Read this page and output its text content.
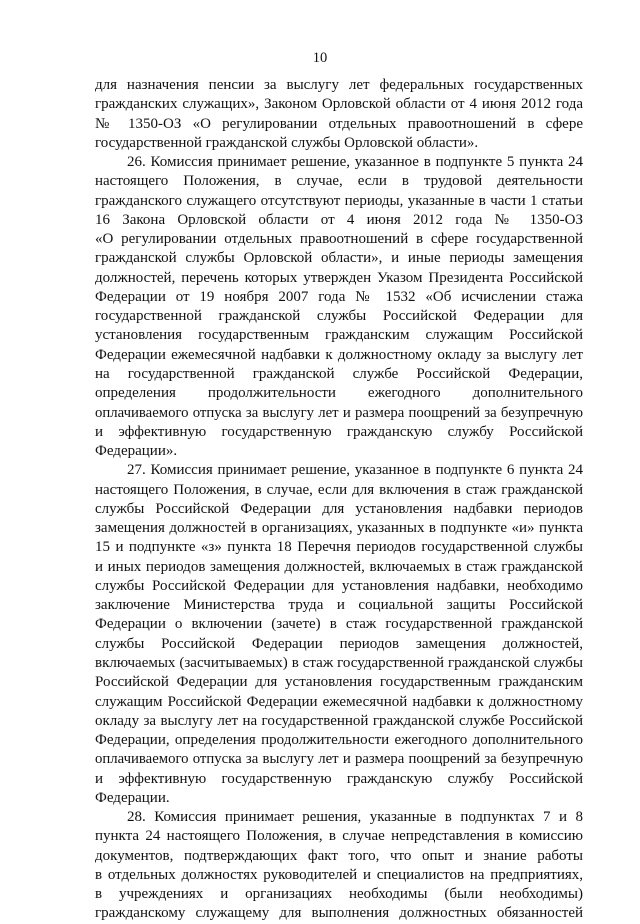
10
для назначения пенсии за выслугу лет федеральных государственных
гражданских служащих», Законом Орловской области от 4 июня 2012 года
№ 1350-ОЗ «О регулировании отдельных правоотношений в сфере
государственной гражданской службы Орловской области».
26. Комиссия принимает решение, указанное в подпункте 5 пункта 24
настоящего Положения, в случае, если в трудовой деятельности
гражданского служащего отсутствуют периоды, указанные в части 1 статьи
16 Закона Орловской области от 4 июня 2012 года № 1350-ОЗ
«О регулировании отдельных правоотношений в сфере государственной
гражданской службы Орловской области», и иные периоды замещения
должностей, перечень которых утвержден Указом Президента Российской
Федерации от 19 ноября 2007 года № 1532 «Об исчислении стажа
государственной гражданской службы Российской Федерации для
установления государственным гражданским служащим Российской
Федерации ежемесячной надбавки к должностному окладу за выслугу лет
на государственной гражданской службе Российской Федерации,
определения продолжительности ежегодного дополнительного
оплачиваемого отпуска за выслугу лет и размера поощрений за безупречную
и эффективную государственную гражданскую службу Российской
Федерации».
27. Комиссия принимает решение, указанное в подпункте 6 пункта 24
настоящего Положения, в случае, если для включения в стаж гражданской
службы Российской Федерации для установления надбавки периодов
замещения должностей в организациях, указанных в подпункте «и» пункта
15 и подпункте «з» пункта 18 Перечня периодов государственной службы
и иных периодов замещения должностей, включаемых в стаж гражданской
службы Российской Федерации для установления надбавки, необходимо
заключение Министерства труда и социальной защиты Российской
Федерации о включении (зачете) в стаж государственной гражданской
службы Российской Федерации периодов замещения должностей,
включаемых (засчитываемых) в стаж государственной гражданской службы
Российской Федерации для установления государственным гражданским
служащим Российской Федерации ежемесячной надбавки к должностному
окладу за выслугу лет на государственной гражданской службе Российской
Федерации, определения продолжительности ежегодного дополнительного
оплачиваемого отпуска за выслугу лет и размера поощрений за безупречную
и эффективную государственную гражданскую службу Российской
Федерации.
28. Комиссия принимает решения, указанные в подпунктах 7 и 8
пункта 24 настоящего Положения, в случае непредставления в комиссию
документов, подтверждающих факт того, что опыт и знание работы
в отдельных должностях руководителей и специалистов на предприятиях,
в учреждениях и организациях необходимы (были необходимы)
гражданскому служащему для выполнения должностных обязанностей
